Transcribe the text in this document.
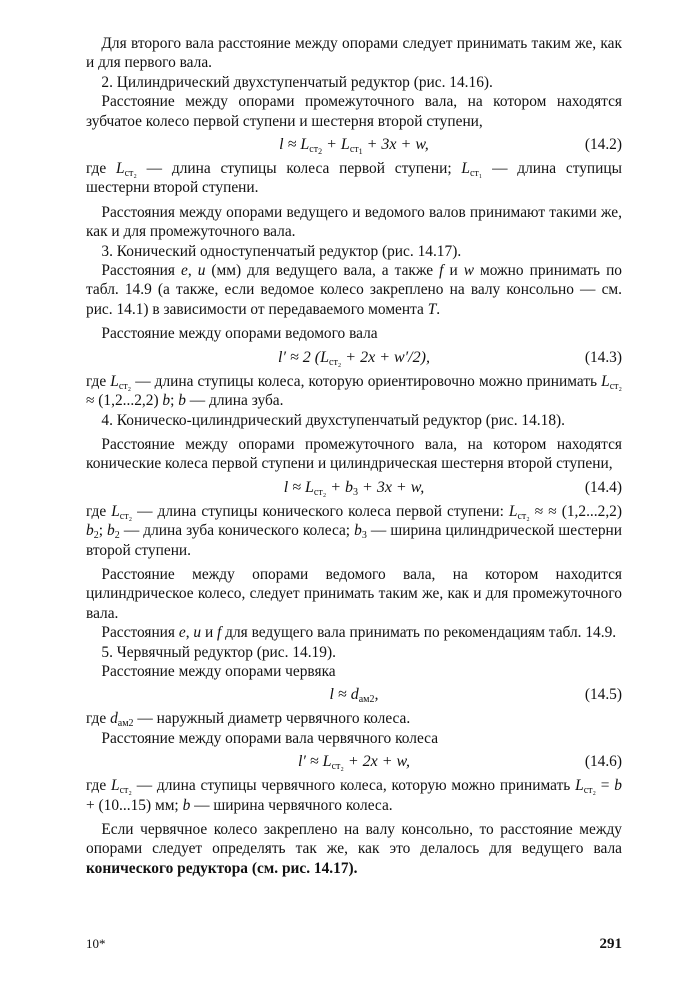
 Для второго вала расстояние между опорами следует принимать таким же, как и для первого вала.

 2. Цилиндрический двухступенчатый редуктор (рис. 14.16).

 Расстояние между опорами промежуточного вала, на котором находятся зубчатое колесо первой ступени и шестерня второй ступени,

$l \approx L_{ст_2} + L_{ст_1} + 3x + w$,	(14.2)

где $L_{ст_2}$ — длина ступицы колеса первой ступени; $L_{ст_1}$ — длина ступицы шестерни второй ступени.

 Расстояния между опорами ведущего и ведомого валов принимают такими же, как и для промежуточного вала.

 3. Конический одноступенчатый редуктор (рис. 14.17).

 Расстояния e, u (мм) для ведущего вала, а также f и w можно принимать по табл. 14.9 (а также, если ведомое колесо закреплено на валу консольно — см. рис. 14.1) в зависимости от передаваемого момента T.

 Расстояние между опорами ведомого вала

l′ ≈ 2 $(L_{ст_2} + 2x + w'/2)$,	(14.3)

где $L_{ст_2}$ — длина ступицы колеса, которую ориентировочно можно принимать $L_{ст_2} \approx (1,2...2,2)$ b; b — длина зуба.

 4. Коническо-цилиндрический двухступенчатый редуктор (рис. 14.18).

 Расстояние между опорами промежуточного вала, на котором находятся конические колеса первой ступени и цилиндрическая шестерня второй ступени,

$l \approx L_{ст_2} + b_3 + 3x + w$,	(14.4)

где $L_{ст_2}$ — длина ступицы конического колеса первой ступени: $L_{ст_2}$ ≈ ≈ (1,2...2,2) $b_2$; $b_2$ — длина зуба конического колеса; $b_3$ — ширина цилиндрической шестерни второй ступени.

 Расстояние между опорами ведомого вала, на котором находится цилиндрическое колесо, следует принимать таким же, как и для промежуточного вала.

 Расстояния e, u и f для ведущего вала принимать по рекомендациям табл. 14.9.

 5. Червячный редуктор (рис. 14.19).

 Расстояние между опорами червяка

$l \approx d_{ам2}$,	(14.5)

где $d_{ам2}$ — наружный диаметр червячного колеса.

 Расстояние между опорами вала червячного колеса

$l' \approx L_{ст_2} + 2x + w$,	(14.6)

где $L_{ст_2}$ — длина ступицы червячного колеса, которую можно принимать $L_{ст_2} = b + (10...15)$ мм; b — ширина червячного колеса.

 Если червячное колесо закреплено на валу консольно, то расстояние между опорами следует определять так же, как это делалось для ведущего вала конического редуктора (см. рис. 14.17).

10*	291
